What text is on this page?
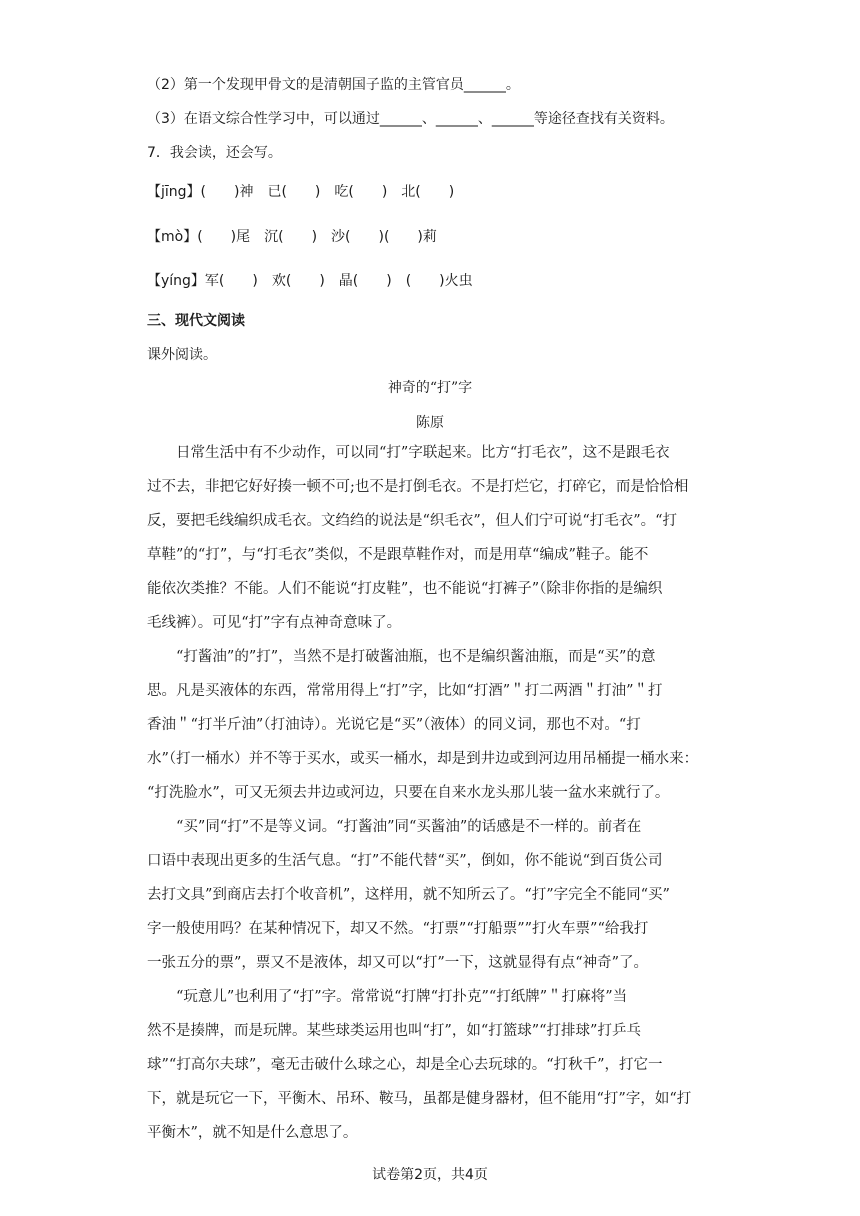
（2）第一个发现甲骨文的是清朝国子监的主管官员______。
（3）在语文综合性学习中，可以通过______、______、______等途径查找有关资料。
7．我会读，还会写。
【jīng】(　　)神　已(　　)　吃(　　)　北(　　)
【mò】(　　)尾　沉(　　)　沙(　　)(　　)莉
【yíng】军(　　)　欢(　　)　晶(　　)　(　　)火虫
三、现代文阅读
课外阅读。
神奇的“打”字
陈原
　　日常生活中有不少动作，可以同“打”字联起来。比方“打毛衣”，这不是跟毛衣
过不去，非把它好好揍一顿不可;也不是打倒毛衣。不是打烂它，打碎它，而是恰恰相
反，要把毛线编织成毛衣。文绉绉的说法是“织毛衣”，但人们宁可说“打毛衣”。“打
草鞋”的“打”，与“打毛衣”类似，不是跟草鞋作对，而是用草“编成”鞋子。能不
能依次类推？不能。人们不能说“打皮鞋”，也不能说“打裤子”（除非你指的是编织
毛线裤）。可见“打”字有点神奇意味了。
　　“打酱油”的”打”，当然不是打破酱油瓶，也不是编织酱油瓶，而是“买”的意
思。凡是买液体的东西，常常用得上“打”字，比如“打酒”＂打二两酒＂打油”＂打
香油＂“打半斤油”（打油诗）。光说它是“买”（液体）的同义词，那也不对。“打
水”（打一桶水）并不等于买水，或买一桶水，却是到井边或到河边用吊桶提一桶水来：
“打洗脸水”，可又无须去井边或河边，只要在自来水龙头那儿装一盆水来就行了。
　　“买”同“打”不是等义词。“打酱油”同“买酱油”的话感是不一样的。前者在
口语中表现出更多的生活气息。“打”不能代替“买”，倒如，你不能说“到百货公司
去打文具”到商店去打个收音机”，这样用，就不知所云了。“打”字完全不能同“买”
字一般使用吗？在某种情况下，却又不然。“打票”“打船票””打火车票”“给我打
一张五分的票”，票又不是液体，却又可以“打”一下，这就显得有点“神奇”了。
　　“玩意儿”也利用了“打”字。常常说“打牌“打扑克”“打纸牌”＂打麻将”当
然不是揍牌，而是玩牌。某些球类运用也叫“打”，如“打篮球”“打排球”打乒乓
球”“打高尔夫球”，毫无击破什么球之心，却是全心去玩球的。“打秋千”，打它一
下，就是玩它一下，平衡木、吊环、鞍马，虽都是健身器材，但不能用“打”字，如“打
平衡木”，就不知是什么意思了。
试卷第2页，共4页
